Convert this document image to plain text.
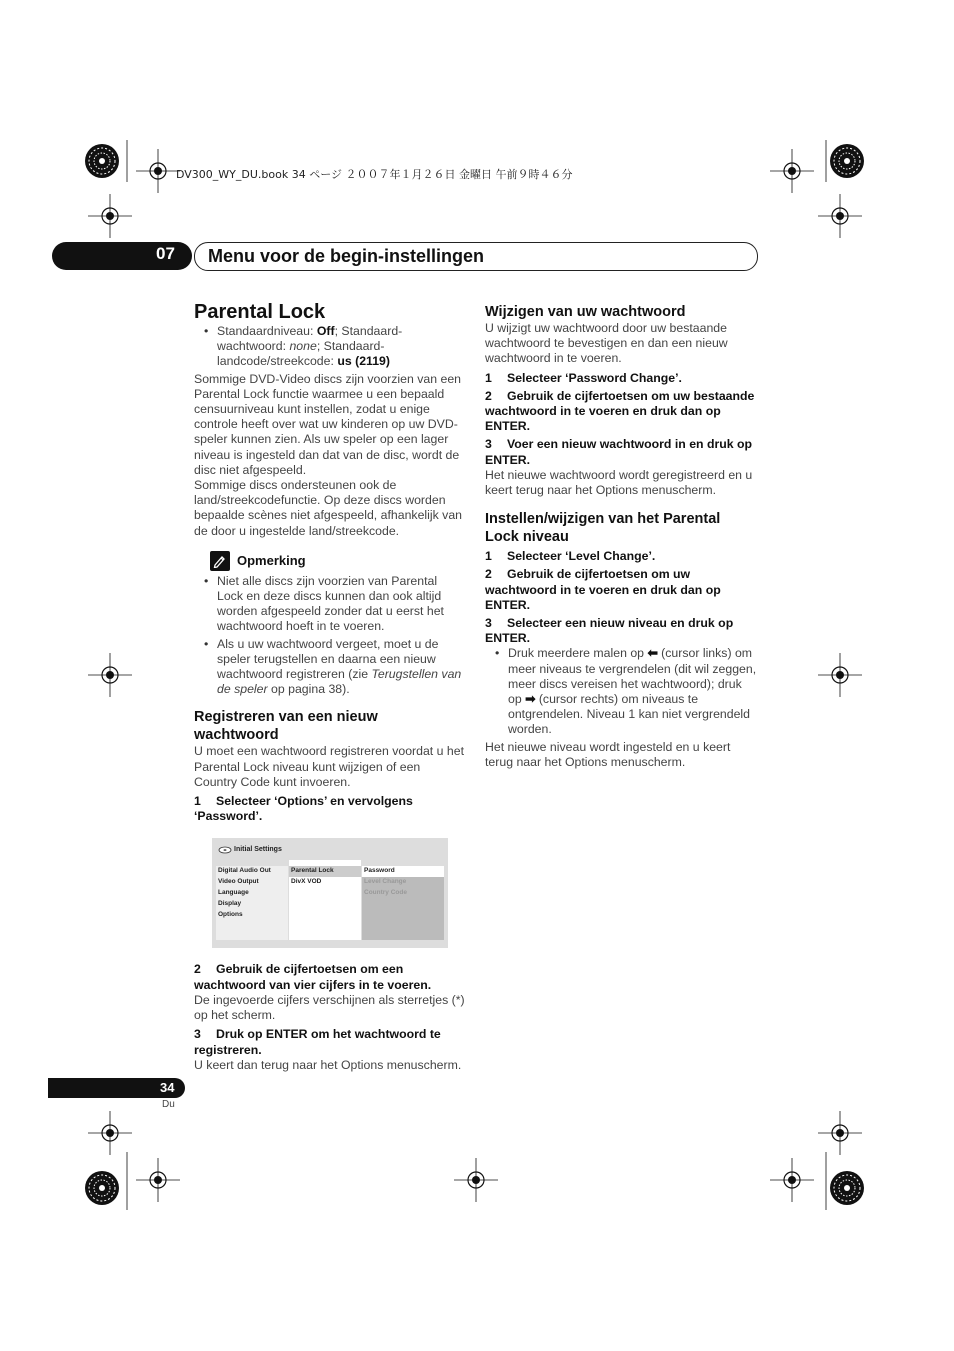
DV300_WY_DU.book 34 ページ ２００７年１月２６日 金曜日 午前９時４６分
07 Menu voor de begin-instellingen

Parental Lock

• Standaardniveau: Off; Standaard-wachtwoord: none; Standaard-landcode/streekcode: us (2119)

Sommige DVD-Video discs zijn voorzien van een Parental Lock functie waarmee u een bepaald censuurniveau kunt instellen, zodat u enige controle heeft over wat uw kinderen op uw DVD-speler kunnen zien. Als uw speler op een lager niveau is ingesteld dan dat van de disc, wordt de disc niet afgespeeld.

Sommige discs ondersteunen ook de land/streekcodefunctie. Op deze discs worden bepaalde scènes niet afgespeeld, afhankelijk van de door u ingestelde land/streekcode.

Opmerking

• Niet alle discs zijn voorzien van Parental Lock en deze discs kunnen dan ook altijd worden afgespeeld zonder dat u eerst het wachtwoord hoeft in te voeren.

• Als u uw wachtwoord vergeet, moet u de speler terugstellen en daarna een nieuw wachtwoord registreren (zie Terugstellen van de speler op pagina 38).

Registreren van een nieuw wachtwoord

U moet een wachtwoord registreren voordat u het Parental Lock niveau kunt wijzigen of een Country Code kunt invoeren.

1 Selecteer ‘Options’ en vervolgens ‘Password’.

Initial Settings
Digital Audio Out
Video Output
Language
Display
Options
Parental Lock
DivX VOD
Password
Level Change
Country Code

2 Gebruik de cijfertoetsen om een wachtwoord van vier cijfers in te voeren.

De ingevoerde cijfers verschijnen als sterretjes (*) op het scherm.

3 Druk op ENTER om het wachtwoord te registreren.

U keert dan terug naar het Options menuscherm.

Wijzigen van uw wachtwoord

U wijzigt uw wachtwoord door uw bestaande wachtwoord te bevestigen en dan een nieuw wachtwoord in te voeren.

1 Selecteer ‘Password Change’.

2 Gebruik de cijfertoetsen om uw bestaande wachtwoord in te voeren en druk dan op ENTER.

3 Voer een nieuw wachtwoord in en druk op ENTER.

Het nieuwe wachtwoord wordt geregistreerd en u keert terug naar het Options menuscherm.

Instellen/wijzigen van het Parental Lock niveau

1 Selecteer ‘Level Change’.

2 Gebruik de cijfertoetsen om uw wachtwoord in te voeren en druk dan op ENTER.

3 Selecteer een nieuw niveau en druk op ENTER.

• Druk meerdere malen op ⬅ (cursor links) om meer niveaus te vergrendelen (dit wil zeggen, meer discs vereisen het wachtwoord); druk op ➡ (cursor rechts) om niveaus te ontgrendelen. Niveau 1 kan niet vergrendeld worden.

Het nieuwe niveau wordt ingesteld en u keert terug naar het Options menuscherm.

34
Du
